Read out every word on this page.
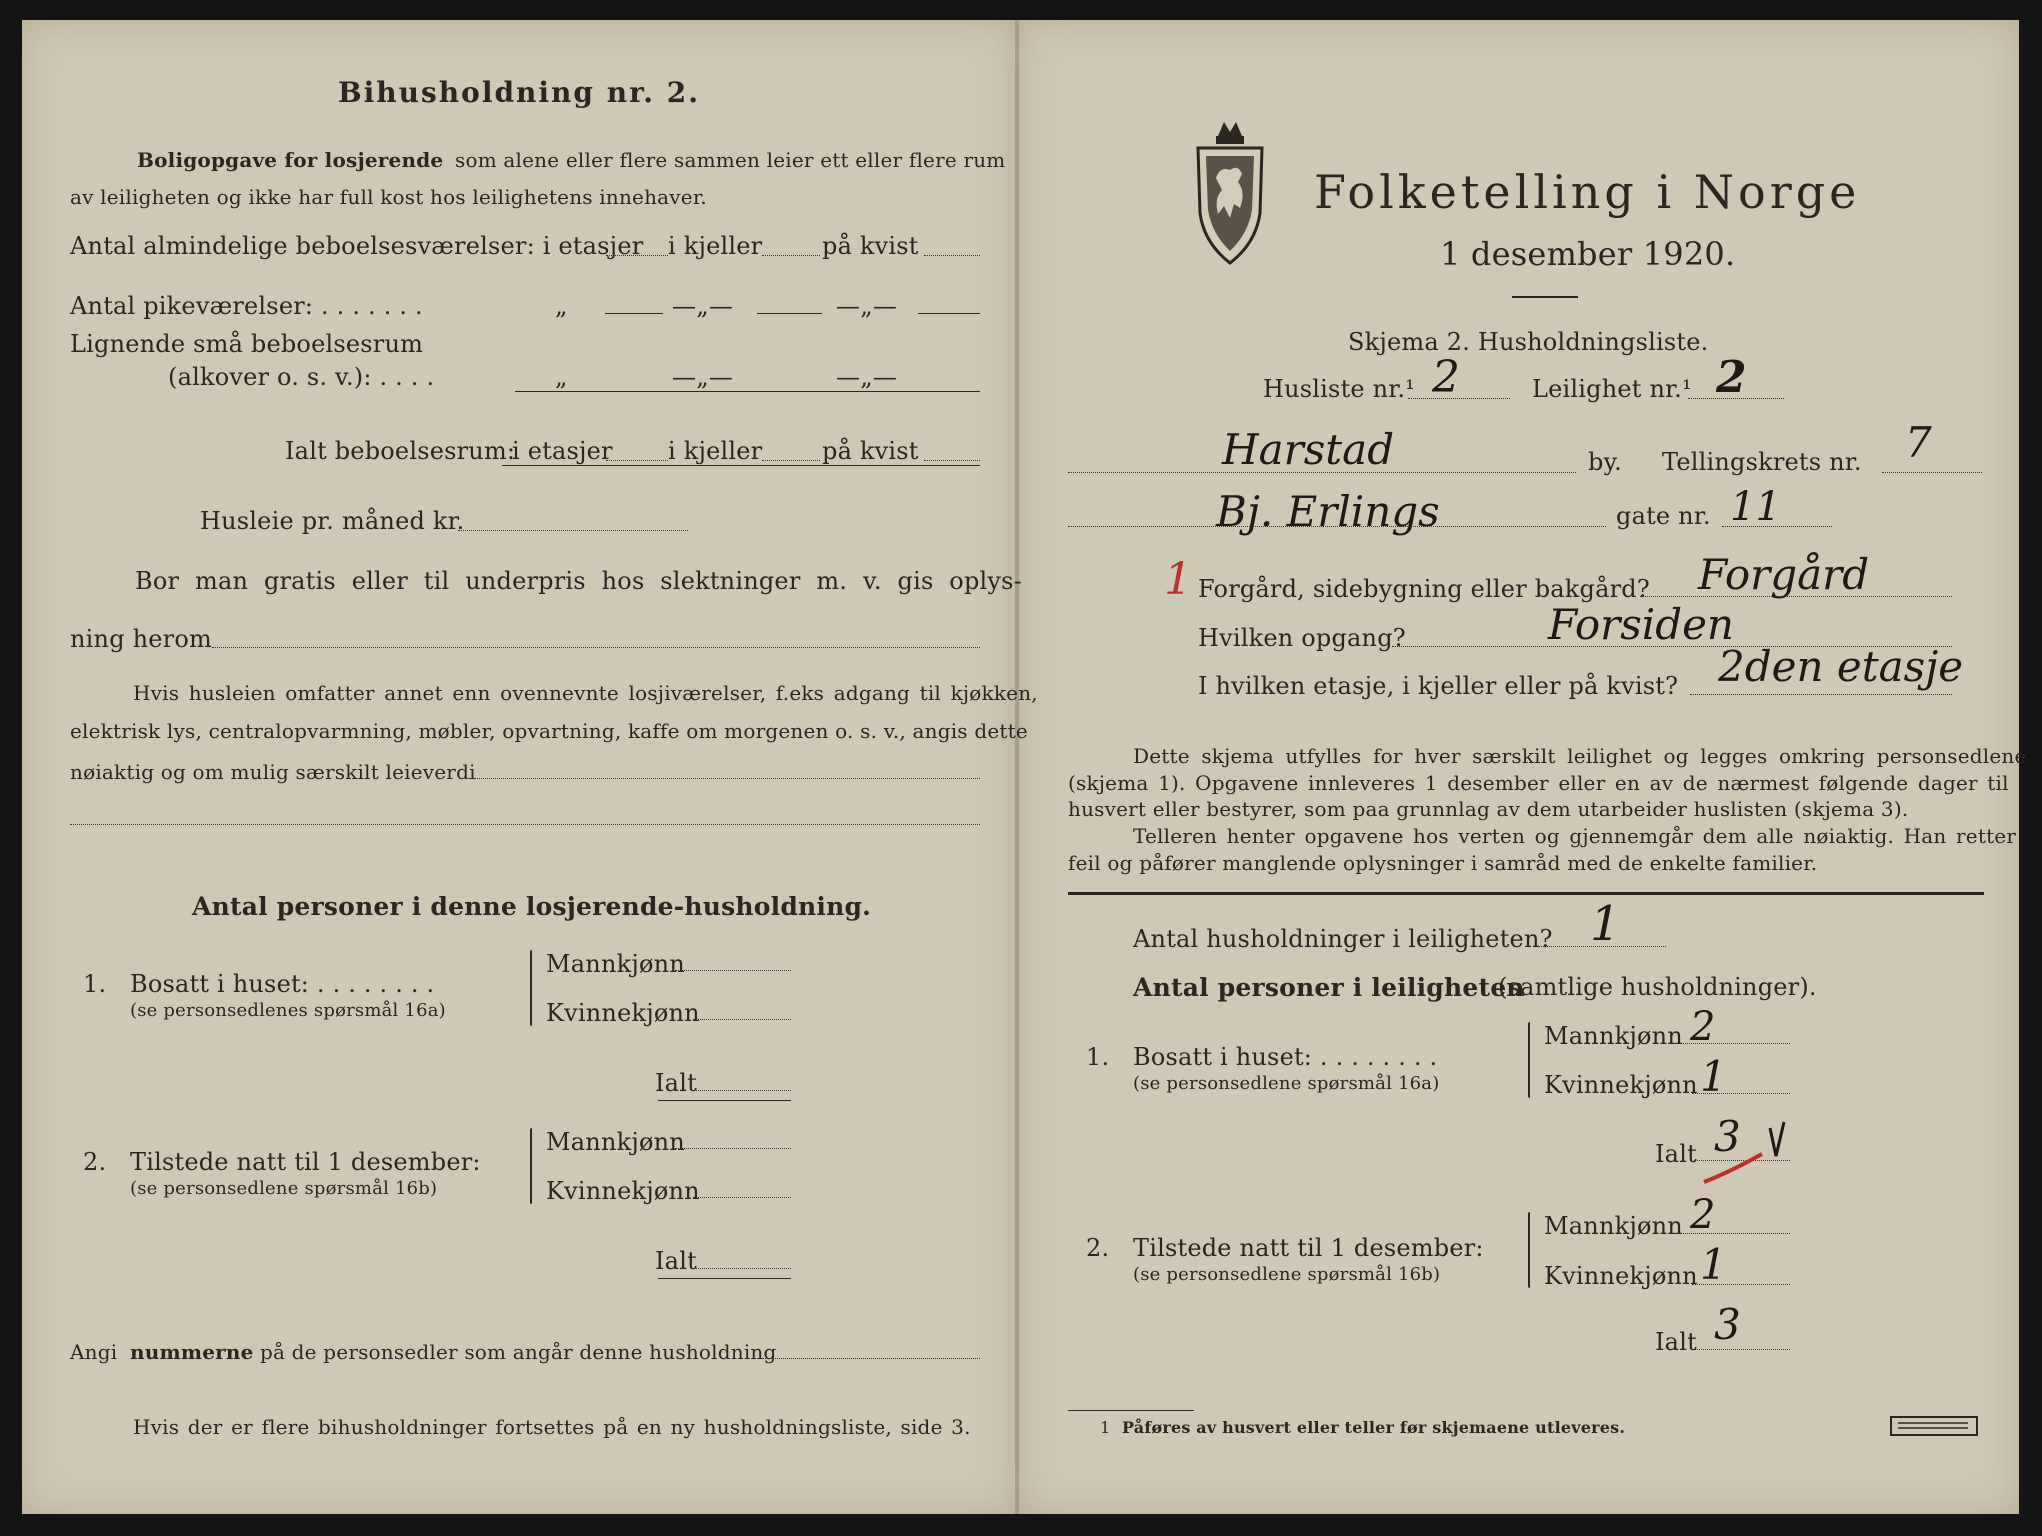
Bihusholdning nr. 2.
Boligopgave for losjerende som alene eller flere sammen leier ett eller flere rum
av leiligheten og ikke har full kost hos leilighetens innehaver.
Antal almindelige beboelsesværelser: i etasjer i kjeller på kvist
Antal pikeværelser: . . . . . . .	„	—„—	—„—
Lignende små beboelsesrum
(alkover o. s. v.): . . . .	„	—„—	—„—
Ialt beboelsesrum:
i etasjer i kjeller på kvist
Husleie pr. måned kr.
Bor man gratis eller til underpris hos slektninger m. v. gis oplys-
ning herom
Hvis husleien omfatter annet enn ovennevnte losjiværelser, f.eks adgang til kjøkken,
elektrisk lys, centralopvarmning, møbler, opvartning, kaffe om morgenen o. s. v., angis dette
nøiaktig og om mulig særskilt leieverdi
Antal personer i denne losjerende-husholdning.
1. Bosatt i huset: . . . . . . . .
(se personsedlenes spørsmål 16a)
Mannkjønn
Kvinnekjønn
Ialt
2. Tilstede natt til 1 desember:
(se personsedlene spørsmål 16b)
Mannkjønn
Kvinnekjønn
Ialt
Angi nummerne på de personsedler som angår denne husholdning
Hvis der er flere bihusholdninger fortsettes på en ny husholdningsliste, side 3.
Folketelling i Norge
1 desember 1920.
Skjema 2. Husholdningsliste.
Husliste nr.¹ 2	Leilighet nr.¹ 2
Harstad	by. Tellingskrets nr. 7
Bj. Erlings	gate nr. 11
1 Forgård, sidebygning eller bakgård? Forgård
Hvilken opgang?	Forsiden
I hvilken etasje, i kjeller eller på kvist? 2den etasje
Dette skjema utfylles for hver særskilt leilighet og legges omkring personsedlene
(skjema 1). Opgavene innleveres 1 desember eller en av de nærmest følgende dager til
husvert eller bestyrer, som paa grunnlag av dem utarbeider huslisten (skjema 3).
Telleren henter opgavene hos verten og gjennemgår dem alle nøiaktig. Han retter
feil og påfører manglende oplysninger i samråd med de enkelte familier.
Antal husholdninger i leiligheten? 1
Antal personer i leiligheten
(samtlige husholdninger).
1. Bosatt i huset: . . . . . . . .
(se personsedlene spørsmål 16a)
Mannkjønn 2
Kvinnekjønn 1
Ialt 3
2. Tilstede natt til 1 desember:
(se personsedlene spørsmål 16b)
Mannkjønn 2
Kvinnekjønn 1
Ialt 3
1 Påføres av husvert eller teller før skjemaene utleveres.
